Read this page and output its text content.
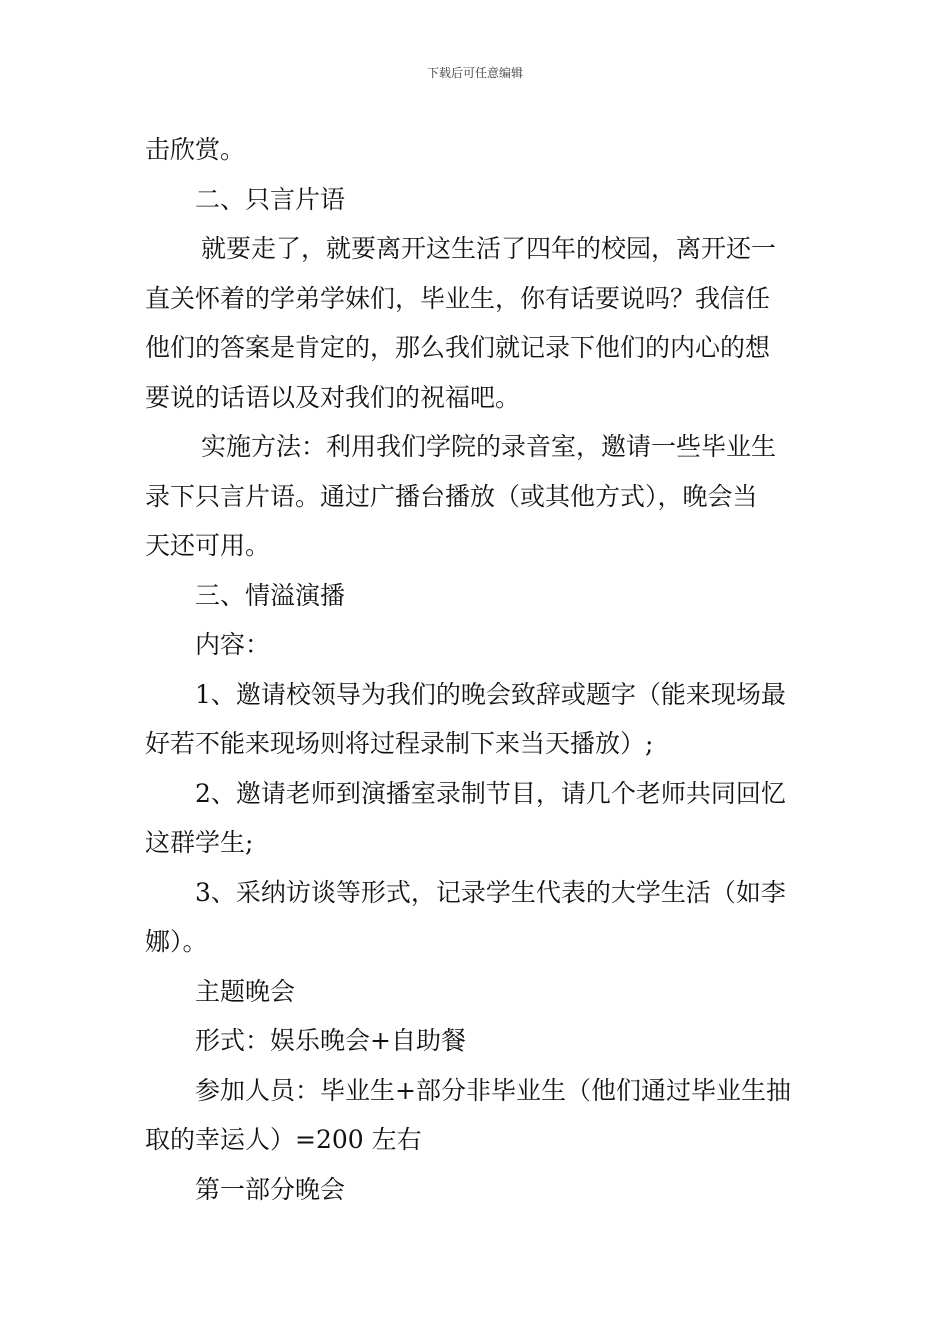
下载后可任意编辑
击欣赏。
二、只言片语
就要走了，就要离开这生活了四年的校园，离开还一
直关怀着的学弟学妹们，毕业生，你有话要说吗？我信任
他们的答案是肯定的，那么我们就记录下他们的内心的想
要说的话语以及对我们的祝福吧。
实施方法：利用我们学院的录音室，邀请一些毕业生
录下只言片语。通过广播台播放（或其他方式），晚会当
天还可用。
三、情溢演播
内容：
1、邀请校领导为我们的晚会致辞或题字（能来现场最
好若不能来现场则将过程录制下来当天播放）;
2、邀请老师到演播室录制节目，请几个老师共同回忆
这群学生;
3、采纳访谈等形式，记录学生代表的大学生活（如李
娜）。
主题晚会
形式：娱乐晚会+自助餐
参加人员：毕业生+部分非毕业生（他们通过毕业生抽
取的幸运人）=200 左右
第一部分晚会
